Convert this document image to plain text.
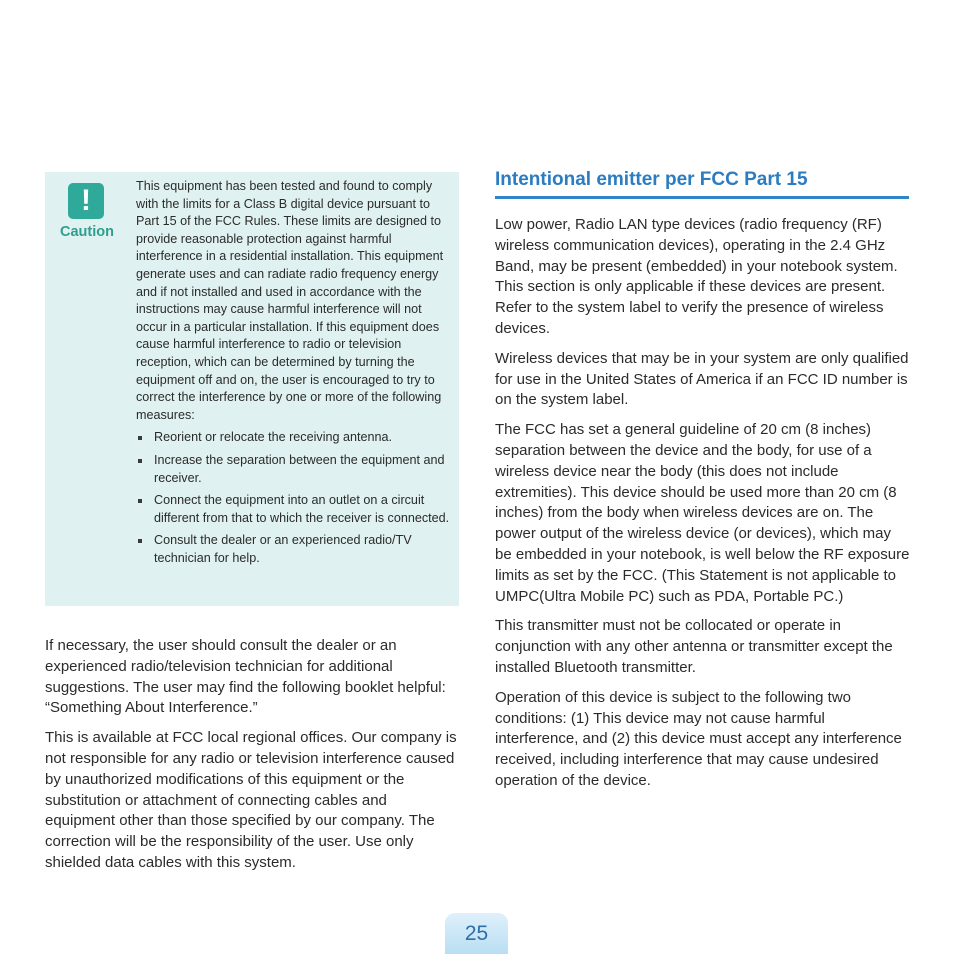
!
Caution

This equipment has been tested and found to comply with the limits for a Class B digital device pursuant to Part 15 of the FCC Rules. These limits are designed to provide reasonable protection against harmful interference in a residential installation. This equipment generate uses and can radiate radio frequency energy and if not installed and used in accordance with the instructions may cause harmful interference will not occur in a particular installation. If this equipment does cause harmful interference to radio or television reception, which can be determined by turning the equipment off and on, the user is encouraged to try to correct the interference by one or more of the following measures:

Reorient or relocate the receiving antenna.
Increase the separation between the equipment and receiver.
Connect the equipment into an outlet on a circuit different from that to which the receiver is connected.
Consult the dealer or an experienced radio/TV technician for help.

If necessary, the user should consult the dealer or an experienced radio/television technician for additional suggestions. The user may find the following booklet helpful: “Something About Interference.”

This is available at FCC local regional offices. Our company is not responsible for any radio or television interference caused by unauthorized modifications of this equipment or the substitution or attachment of connecting cables and equipment other than those specified by our company. The correction will be the responsibility of the user. Use only shielded data cables with this system.

Intentional emitter per FCC Part 15

Low power, Radio LAN type devices (radio frequency (RF) wireless communication devices), operating in the 2.4 GHz Band, may be present (embedded) in your notebook system. This section is only applicable if these devices are present. Refer to the system label to verify the presence of wireless devices.

Wireless devices that may be in your system are only qualified for use in the United States of America if an FCC ID number is on the system label.

The FCC has set a general guideline of 20 cm (8 inches) separation between the device and the body, for use of a wireless device near the body (this does not include extremities). This device should be used more than 20 cm (8 inches) from the body when wireless devices are on. The power output of the wireless device (or devices), which may be embedded in your notebook, is well below the RF exposure limits as set by the FCC. (This Statement is not applicable to UMPC(Ultra Mobile PC) such as PDA, Portable PC.)

This transmitter must not be collocated or operate in conjunction with any other antenna or transmitter except the installed Bluetooth transmitter.

Operation of this device is subject to the following two conditions: (1) This device may not cause harmful interference, and (2) this device must accept any interference received, including interference that may cause undesired operation of the device.

25
